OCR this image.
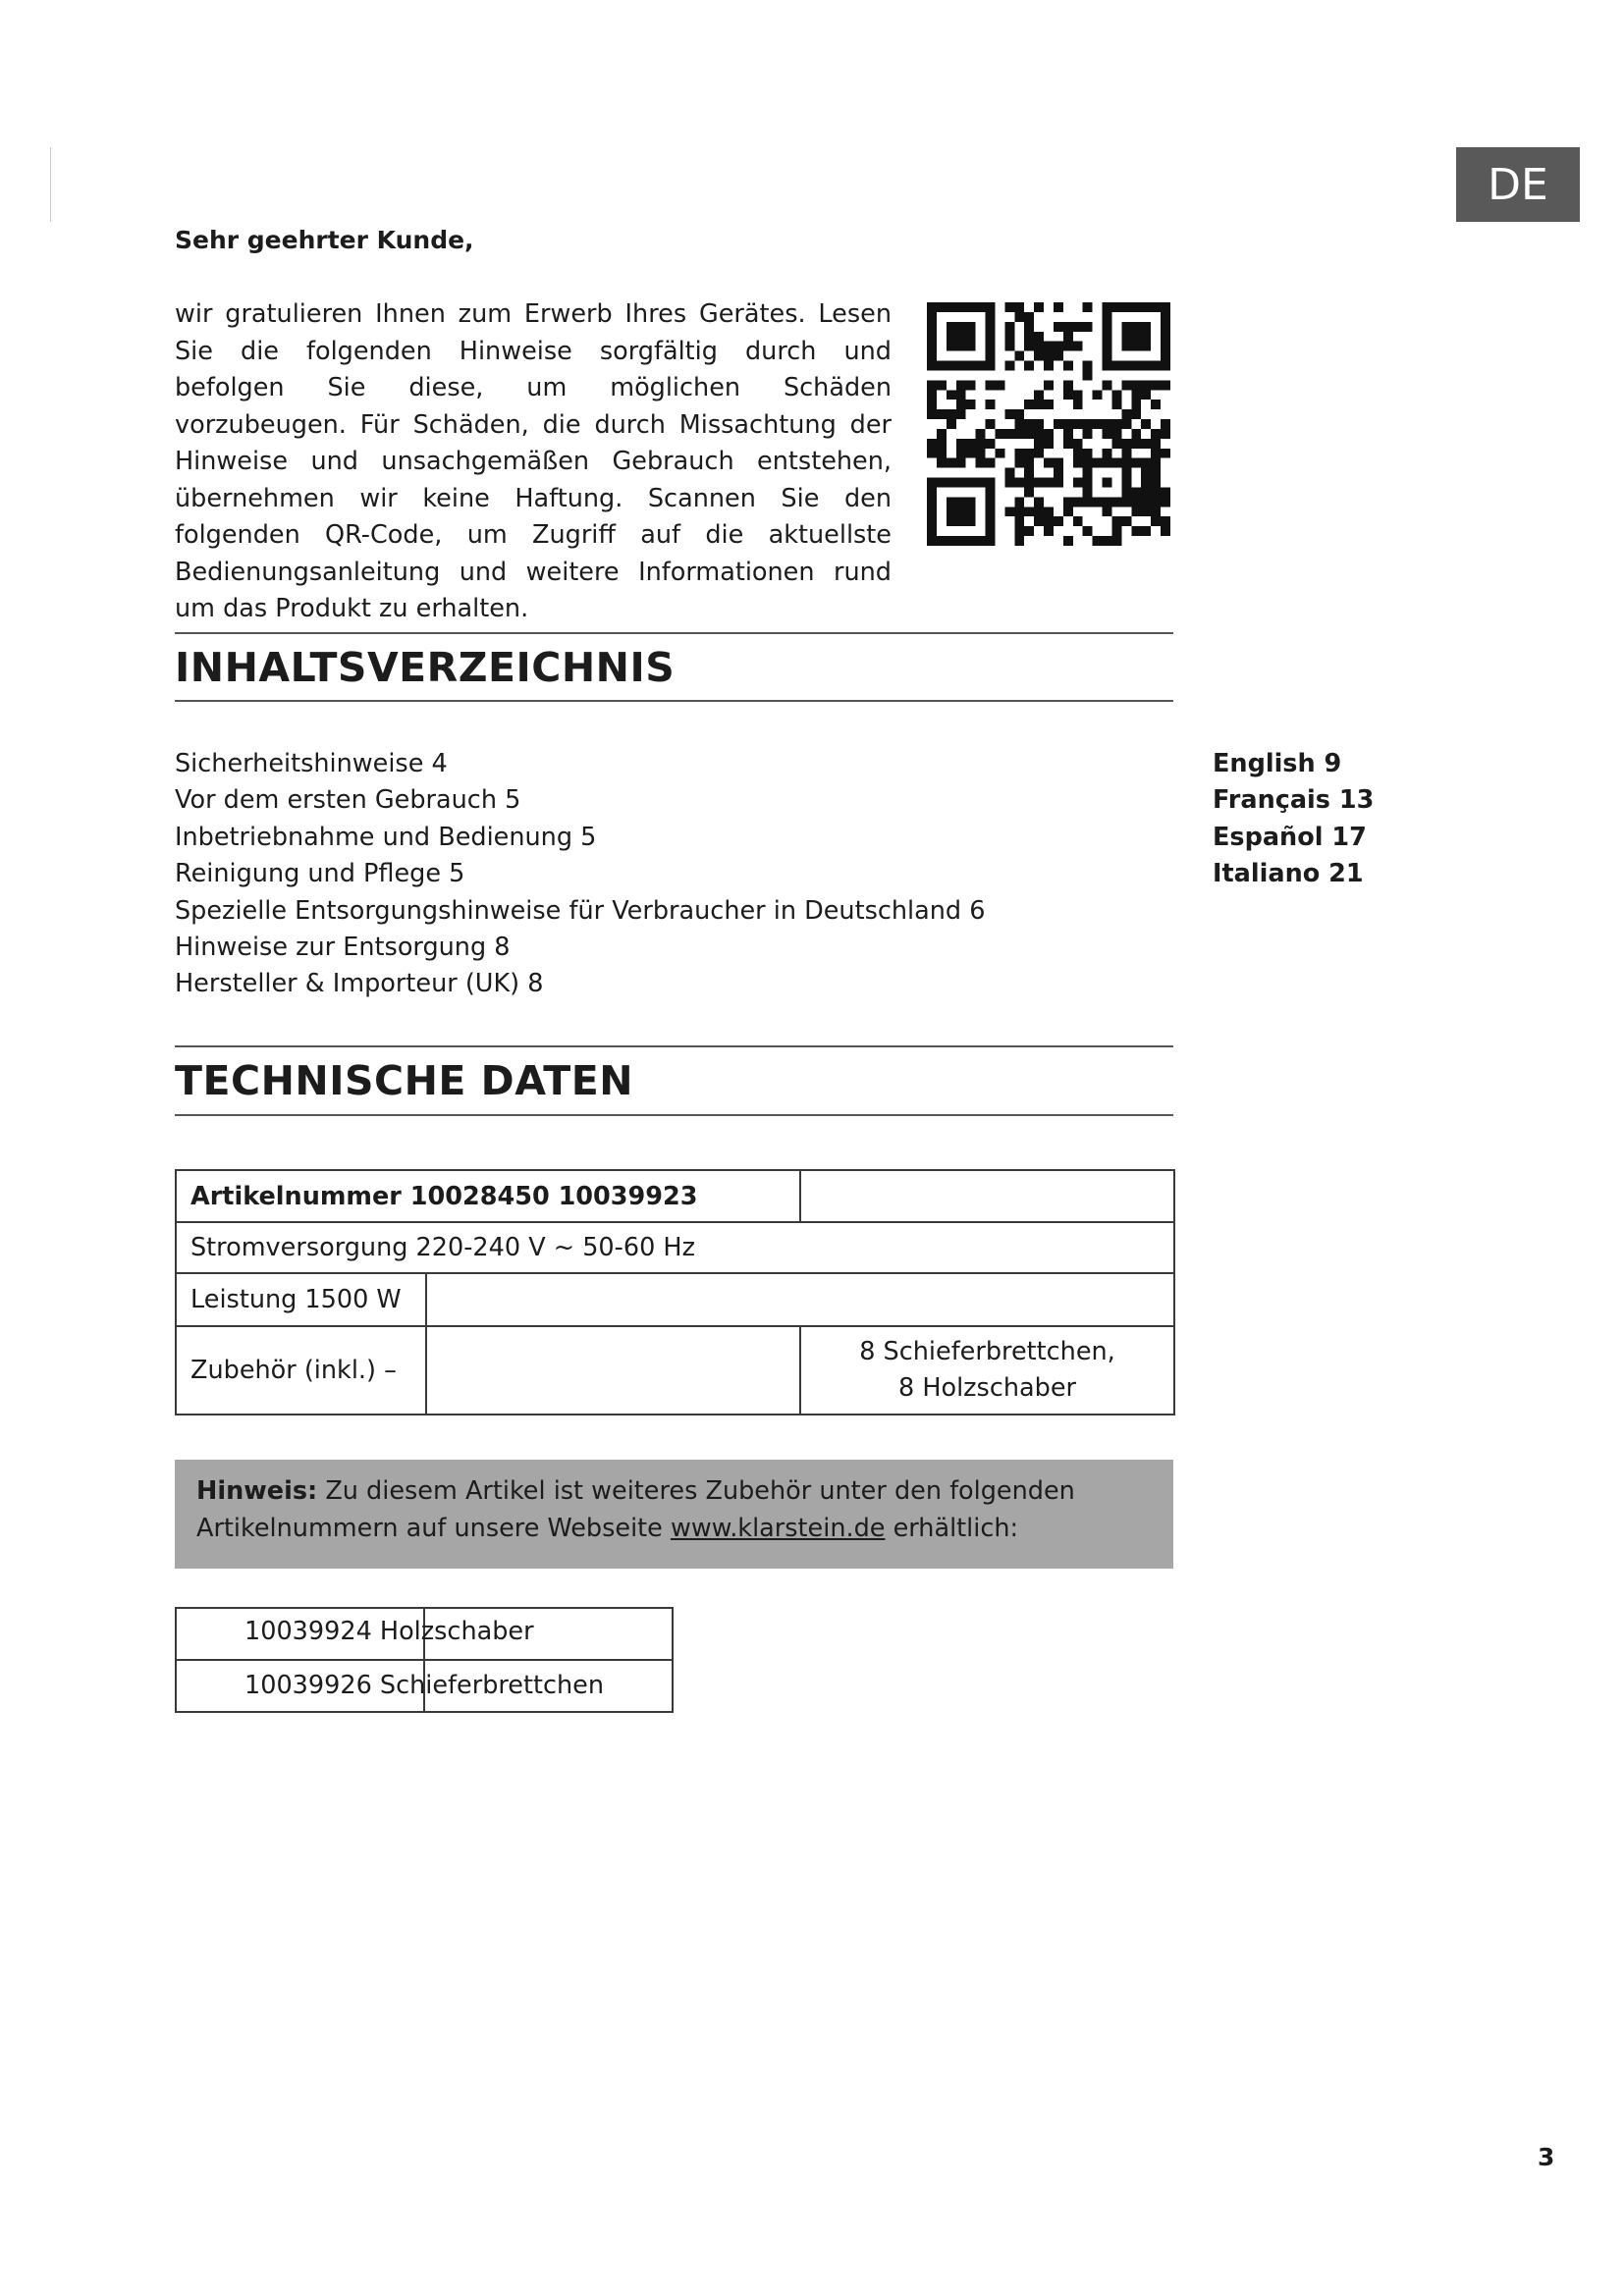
DE
Sehr geehrter Kunde,
wir gratulieren Ihnen zum Erwerb Ihres Gerätes. Lesen Sie die folgenden Hinweise sorgfältig durch und befolgen Sie diese, um möglichen Schäden vorzubeugen. Für Schäden, die durch Missachtung der Hinweise und unsachgemäßen Gebrauch entstehen, übernehmen wir keine Haftung. Scannen Sie den folgenden QR-Code, um Zugriff auf die aktuellste Bedienungsanleitung und weitere Informationen rund um das Produkt zu erhalten.
INHALTSVERZEICHNIS
Sicherheitshinweise 4
Vor dem ersten Gebrauch 5
Inbetriebnahme und Bedienung 5
Reinigung und Pflege 5
Spezielle Entsorgungshinweise für Verbraucher in Deutschland 6
Hinweise zur Entsorgung 8
Hersteller & Importeur (UK) 8
English 9
Français 13
Español 17
Italiano 21
TECHNISCHE DATEN
Artikelnummer 10028450 10039923		
Stromversorgung 220-240 V ~ 50-60 Hz		
Leistung 1500 W		
Zubehör (inkl.) –		8 Schieferbrettchen,
8 Holzschaber
Hinweis: Zu diesem Artikel ist weiteres Zubehör unter den folgenden
Artikelnummern auf unsere Webseite www.klarstein.de erhältlich:

10039924 Holzschaber
10039926 Schieferbrettchen
3
